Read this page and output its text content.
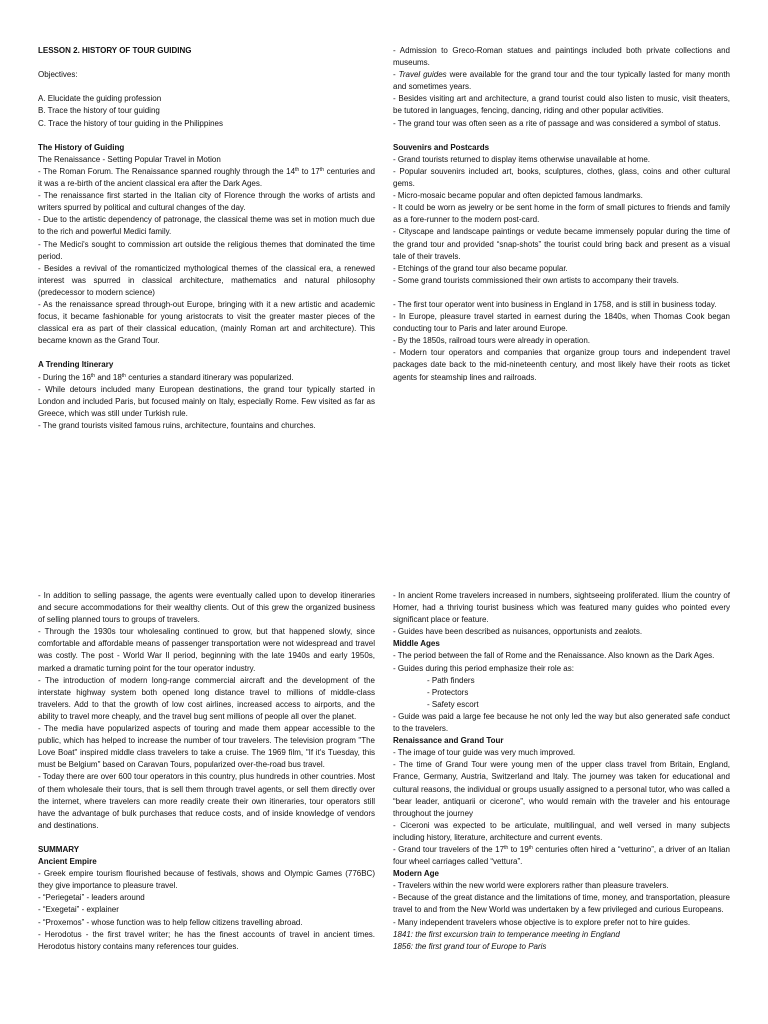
LESSON 2. HISTORY OF TOUR GUIDING

Objectives:

A. Elucidate the guiding profession

B. Trace the history of tour guiding

C. Trace the history of tour guiding in the Philippines

The History of Guiding

The Renaissance - Setting Popular Travel in Motion

- The Roman Forum. The Renaissance spanned roughly through the 14th to 17th centuries and it was a re-birth of the ancient classical era after the Dark Ages.

- The renaissance first started in the Italian city of Florence through the works of artists and writers spurred by political and cultural changes of the day.

- Due to the artistic dependency of patronage, the classical theme was set in motion much due to the rich and powerful Medici family.

- The Medici's sought to commission art outside the religious themes that dominated the time period.

- Besides a revival of the romanticized mythological themes of the classical era, a renewed interest was spurred in classical architecture, mathematics and natural philosophy (predecessor to modern science)

- As the renaissance spread through-out Europe, bringing with it a new artistic and academic focus, it became fashionable for young aristocrats to visit the greater master pieces of the classical era as part of their classical education, (mainly Roman art and architecture). This became known as the Grand Tour.

A Trending Itinerary

- During the 16th and 18th centuries a standard itinerary was popularized.

- While detours included many European destinations, the grand tour typically started in London and included Paris, but focused mainly on Italy, especially Rome. Few visited as far as Greece, which was still under Turkish rule.

- The grand tourists visited famous ruins, architecture, fountains and churches.

- Admission to Greco-Roman statues and paintings included both private collections and museums.

- Travel guides were available for the grand tour and the tour typically lasted for many month and sometimes years.

- Besides visiting art and architecture, a grand tourist could also listen to music, visit theaters, be tutored in languages, fencing, dancing, riding and other popular activities.

- The grand tour was often seen as a rite of passage and was considered a symbol of status.

Souvenirs and Postcards

- Grand tourists returned to display items otherwise unavailable at home.

- Popular souvenirs included art, books, sculptures, clothes, glass, coins and other cultural gems.

- Micro-mosaic became popular and often depicted famous landmarks.

- It could be worn as jewelry or be sent home in the form of small pictures to friends and family as a fore-runner to the modern post-card.

- Cityscape and landscape paintings or vedute became immensely popular during the time of the grand tour and provided “snap-shots” the tourist could bring back and present as a visual tale of their travels.

- Etchings of the grand tour also became popular.

- Some grand tourists commissioned their own artists to accompany their travels.

- The first tour operator went into business in England in 1758, and is still in business today.

- In Europe, pleasure travel started in earnest during the 1840s, when Thomas Cook began conducting tour to Paris and later around Europe.

- By the 1850s, railroad tours were already in operation.

- Modern tour operators and companies that organize group tours and independent travel packages date back to the mid-nineteenth century, and most likely have their roots as ticket agents for steamship lines and railroads.

- In addition to selling passage, the agents were eventually called upon to develop itineraries and secure accommodations for their wealthy clients. Out of this grew the organized business of selling planned tours to groups of travelers.

- Through the 1930s tour wholesaling continued to grow, but that happened slowly, since comfortable and affordable means of passenger transportation were not widespread and travel was costly. The post - World War II period, beginning with the late 1940s and early 1950s, marked a dramatic turning point for the tour operator industry.

- The introduction of modern long-range commercial aircraft and the development of the interstate highway system both opened long distance travel to millions of middle-class travelers. Add to that the growth of low cost airlines, increased access to airports, and the ability to travel more cheaply, and the travel bug sent millions of people all over the planet.

- The media have popularized aspects of touring and made them appear accessible to the public, which has helped to increase the number of tour travelers. The television program "The Love Boat" inspired middle class travelers to take a cruise. The 1969 film, "If it's Tuesday, this must be Belgium" based on Caravan Tours, popularized over-the-road bus travel.

- Today there are over 600 tour operators in this country, plus hundreds in other countries. Most of them wholesale their tours, that is sell them through travel agents, or sell them directly over the internet, where travelers can more readily create their own itineraries, tour operators still have the advantage of bulk purchases that reduce costs, and of inside knowledge of vendors and destinations.

SUMMARY

Ancient Empire

- Greek empire tourism flourished because of festivals, shows and Olympic Games (776BC) they give importance to pleasure travel.

- “Periegetai” - leaders around

- “Exegetai” - explainer

- “Proxemos” - whose function was to help fellow citizens travelling abroad.

- Herodotus - the first travel writer; he has the finest accounts of travel in ancient times. Herodotus history contains many references tour guides.

- In ancient Rome travelers increased in numbers, sightseeing proliferated. Ilium the country of Homer, had a thriving tourist business which was featured many guides who pointed every significant place or feature.

- Guides have been described as nuisances, opportunists and zealots.

Middle Ages

- The period between the fall of Rome and the Renaissance. Also known as the Dark Ages.

- Guides during this period emphasize their role as:

- Path finders

- Protectors

- Safety escort

- Guide was paid a large fee because he not only led the way but also generated safe conduct to the travelers.

Renaissance and Grand Tour

- The image of tour guide was very much improved.

- The time of Grand Tour were young men of the upper class travel from Britain, England, France, Germany, Austria, Switzerland and Italy. The journey was taken for educational and cultural reasons, the individual or groups usually assigned to a personal tutor, who was called a “bear leader, antiquarii or cicerone”, who would remain with the traveler and his entourage throughout the journey

- Ciceroni was expected to be articulate, multilingual, and well versed in many subjects including history, literature, architecture and current events.

- Grand tour travelers of the 17th to 19th centuries often hired a “vetturino”, a driver of an Italian four wheel carriages called “vettura”.

Modern Age

- Travelers within the new world were explorers rather than pleasure travelers.

- Because of the great distance and the limitations of time, money, and transportation, pleasure travel to and from the New World was undertaken by a few privileged and curious Europeans.

- Many independent travelers whose objective is to explore prefer not to hire guides.

1841: the first excursion train to temperance meeting in England

1856: the first grand tour of Europe to Paris
